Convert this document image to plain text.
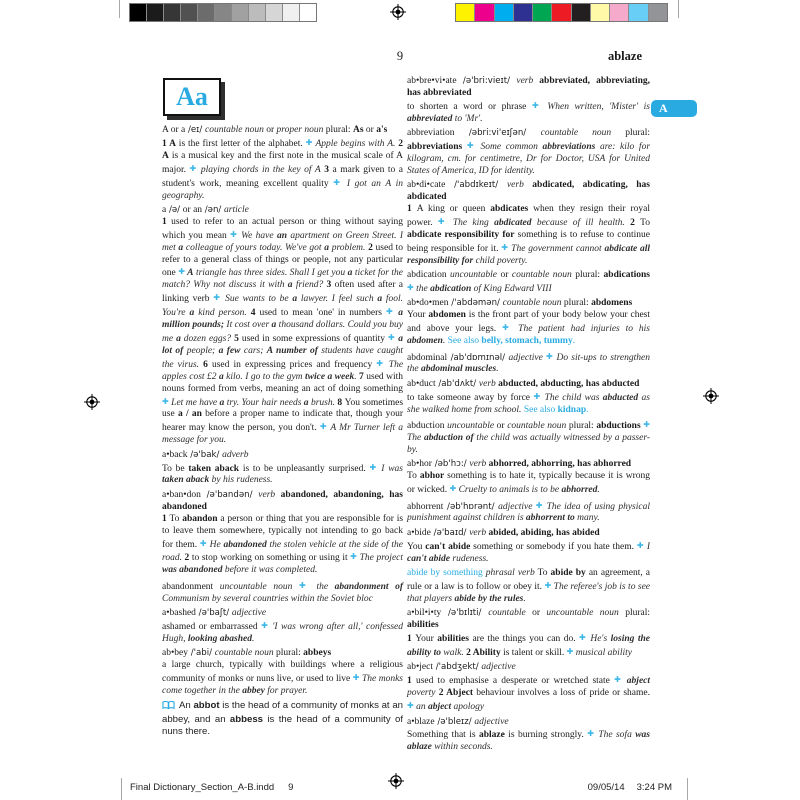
9	ablaze
A
Aa
A or a /eɪ/ countable noun or proper noun plural: As or a's
1 A is the first letter of the alphabet. ✚ Apple begins with A. 2 A is a musical key and the first note in the musical scale of A major. ✚ playing chords in the key of A 3 a mark given to a student's work, meaning excellent quality ✚ I got an A in geography.
a /ə/ or an /ən/ article
1 used to refer to an actual person or thing without saying which you mean ✚ We have an apartment on Green Street. I met a colleague of yours today. We've got a problem. 2 used to refer to a general class of things or people, not any particular one ✚ A triangle has three sides. Shall I get you a ticket for the match? Why not discuss it with a friend? 3 often used after a linking verb ✚ Sue wants to be a lawyer. I feel such a fool. You're a kind person. 4 used to mean 'one' in numbers ✚ a million pounds; It cost over a thousand dollars. Could you buy me a dozen eggs? 5 used in some expressions of quantity ✚ a lot of people; a few cars; A number of students have caught the virus. 6 used in expressing prices and frequency ✚ The apples cost £2 a kilo. I go to the gym twice a week. 7 used with nouns formed from verbs, meaning an act of doing something ✚ Let me have a try. Your hair needs a brush. 8 You sometimes use a / an before a proper name to indicate that, though your hearer may know the person, you don't. ✚ A Mr Turner left a message for you.
a•back /ə'bak/ adverb
To be taken aback is to be unpleasantly surprised. ✚ I was taken aback by his rudeness.
a•ban•don /ə'bandən/ verb abandoned, abandoning, has abandoned
1 To abandon a person or thing that you are responsible for is to leave them somewhere, typically not intending to go back for them. ✚ He abandoned the stolen vehicle at the side of the road. 2 to stop working on something or using it ✚ The project was abandoned before it was completed.
abandonment uncountable noun ✚ the abandonment of Communism by several countries within the Soviet bloc
a•bashed /ə'baʃt/ adjective
ashamed or embarrassed ✚ 'I was wrong after all,' confessed Hugh, looking abashed.
ab•bey /'abi/ countable noun plural: abbeys
a large church, typically with buildings where a religious community of monks or nuns live, or used to live ✚ The monks come together in the abbey for prayer.
An abbot is the head of a community of monks at an abbey, and an abbess is the head of a community of nuns there.
ab•bre•vi•ate /ə'bri:vieɪt/ verb abbreviated, abbreviating, has abbreviated
to shorten a word or phrase ✚ When written, 'Mister' is abbreviated to 'Mr'.
abbreviation /əbri:vi'eɪʃən/ countable noun plural: abbreviations ✚ Some common abbreviations are: kilo for kilogram, cm. for centimetre, Dr for Doctor, USA for United States of America, ID for identity.
ab•di•cate /'abdɪkeɪt/ verb abdicated, abdicating, has abdicated
1 A king or queen abdicates when they resign their royal power. ✚ The king abdicated because of ill health. 2 To abdicate responsibility for something is to refuse to continue being responsible for it. ✚ The government cannot abdicate all responsibility for child poverty.
abdication uncountable or countable noun plural: abdications ✚ the abdication of King Edward VIII
ab•do•men /'abdəmən/ countable noun plural: abdomens
Your abdomen is the front part of your body below your chest and above your legs. ✚ The patient had injuries to his abdomen. See also belly, stomach, tummy.
abdominal /ab'dɒmɪnəl/ adjective ✚ Do sit-ups to strengthen the abdominal muscles.
ab•duct /ab'dʌkt/ verb abducted, abducting, has abducted
to take someone away by force ✚ The child was abducted as she walked home from school. See also kidnap.
abduction uncountable or countable noun plural: abductions ✚ The abduction of the child was actually witnessed by a passer-by.
ab•hor /əb'hɔ:/ verb abhorred, abhorring, has abhorred
To abhor something is to hate it, typically because it is wrong or wicked. ✚ Cruelty to animals is to be abhorred.
abhorrent /əb'hɒrənt/ adjective ✚ The idea of using physical punishment against children is abhorrent to many.
a•bide /ə'baɪd/ verb abided, abiding, has abided
You can't abide something or somebody if you hate them. ✚ I can't abide rudeness.
abide by something phrasal verb To abide by an agreement, a rule or a law is to follow or obey it. ✚ The referee's job is to see that players abide by the rules.
a•bil•i•ty /ə'bɪlɪti/ countable or uncountable noun plural: abilities
1 Your abilities are the things you can do. ✚ He's losing the ability to walk. 2 Ability is talent or skill. ✚ musical ability
ab•ject /'abdʒekt/ adjective
1 used to emphasise a desperate or wretched state ✚ abject poverty 2 Abject behaviour involves a loss of pride or shame. ✚ an abject apology
a•blaze /ə'bleɪz/ adjective
Something that is ablaze is burning strongly. ✚ The sofa was ablaze within seconds.
Final Dictionary_Section_A-B.indd 9	09/05/14 3:24 PM
